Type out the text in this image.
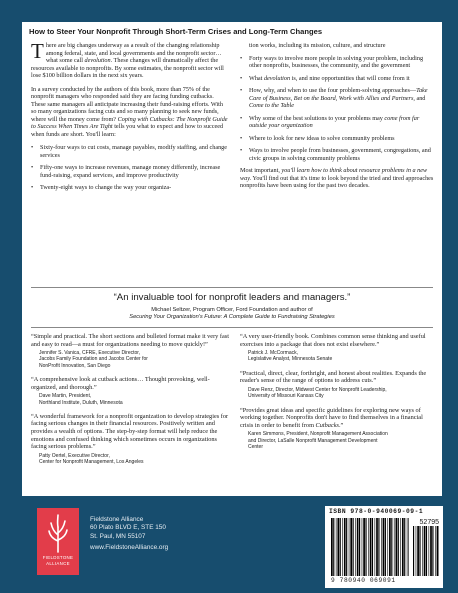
How to Steer Your Nonprofit Through Short-Term Crises and Long-Term Changes

There are big changes underway as a result of the changing relationship among federal, state, and local governments and the nonprofit sector…what some call devolution. These changes will dramatically affect the resources available to nonprofits. By some estimates, the nonprofit sector will lose $100 billion dollars in the next six years.

In a survey conducted by the authors of this book, more than 75% of the nonprofit managers who responded said they are facing funding cutbacks. These same managers all anticipate increasing their fund-raising efforts. With so many organizations facing cuts and so many planning to seek new funds, where will the money come from? Coping with Cutbacks: The Nonprofit Guide to Success When Times Are Tight tells you what to expect and how to succeed when funds are short. You'll learn:

• Sixty-four ways to cut costs, manage payables, modify staffing, and change services
• Fifty-one ways to increase revenues, manage money differently, increase fund-raising, expand services, and improve productivity
• Twenty-eight ways to change the way your organiza-
tion works, including its mission, culture, and structure
• Forty ways to involve more people in solving your problem, including other nonprofits, businesses, the community, and the government
• What devolution is, and nine opportunities that will come from it
• How, why, and when to use the four problem-solving approaches—Take Care of Business, Bet on the Board, Work with Allies and Partners, and Come to the Table
• Why some of the best solutions to your problems may come from far outside your organization
• Where to look for new ideas to solve community problems
• Ways to involve people from businesses, government, congregations, and civic groups in solving community problems

Most important, you'll learn how to think about resource problems in a new way. You'll find out that it's time to look beyond the tried and tired approaches nonprofits have been using for the past two decades.

“An invaluable tool for nonprofit leaders and managers.”
Michael Seltzer, Program Officer, Ford Foundation and author of
Securing Your Organization's Future: A Complete Guide to Fundraising Strategies
“Simple and practical. The short sections and bulleted format make it very fast and easy to read—a must for organizations needing to move quickly!”
Jennifer S. Vanica, CFRE, Executive Director,
Jacobs Family Foundation and Jacobs Center for
NonProfit Innovation, San Diego
“A comprehensive look at cutback actions… Thought provoking, well-organized, and thorough.”
Dave Martin, President,
Northland Institute, Duluth, Minnesota
“A wonderful framework for a nonprofit organization to develop strategies for facing serious changes in their financial resources. Positively written and provides a wealth of options. The step-by-step format will help reduce the emotions and confused thinking which sometimes occurs in organizations facing serious problems.”
Patty Oertel, Executive Director,
Center for Nonprofit Management, Los Angeles
“A very user-friendly book. Combines common sense thinking and useful exercises into a package that does not exist elsewhere.”
Patrick J. McCormack,
Legislative Analyst, Minnesota Senate
“Practical, direct, clear, forthright, and honest about realities. Expands the reader's sense of the range of options to address cuts.”
Dave Renz, Director, Midwest Center for Nonprofit Leadership,
University of Missouri Kansas City
“Provides great ideas and specific guidelines for exploring new ways of working together. Nonprofits don't have to find themselves in a financial crisis in order to benefit from Cutbacks.”
Karen Simmons, President, Nonprofit Management Association
and Director, LaSalle Nonprofit Management Development
Center
FIELDSTONE
ALLIANCE
Fieldstone Alliance
60 Plato BLVD E, STE 150
St. Paul, MN 55107
www.FieldstoneAlliance.org
ISBN 978-0-940069-09-1
52795
9 780940 069091
